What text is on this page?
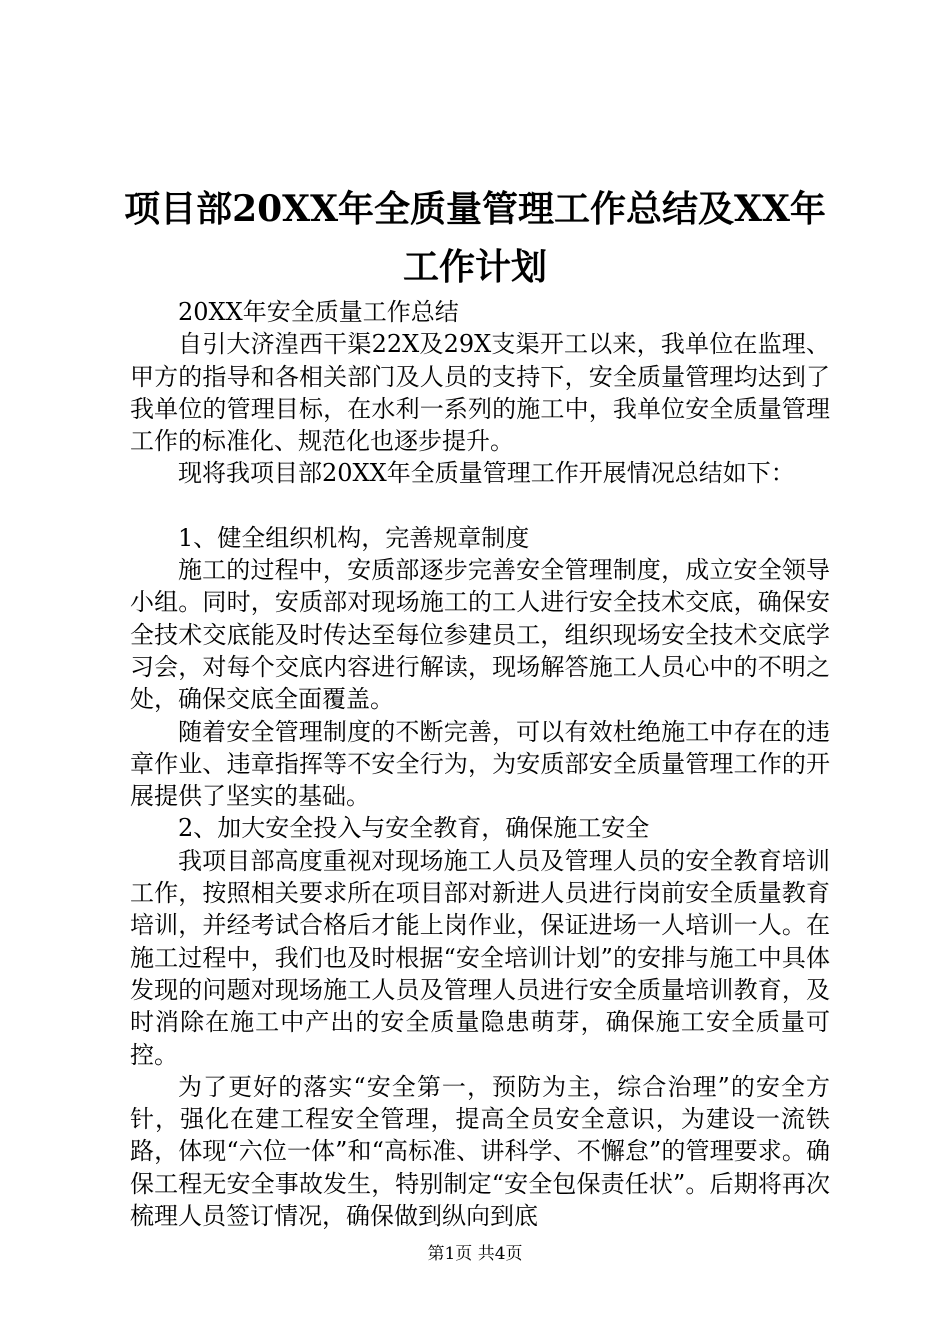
项目部20XX年全质量管理工作总结及XX年工作计划

20XX年安全质量工作总结

自引大济湟西干渠22X及29X支渠开工以来，我单位在监理、甲方的指导和各相关部门及人员的支持下，安全质量管理均达到了我单位的管理目标，在水利一系列的施工中，我单位安全质量管理工作的标准化、规范化也逐步提升。

现将我项目部20XX年全质量管理工作开展情况总结如下：

1、健全组织机构，完善规章制度

施工的过程中，安质部逐步完善安全管理制度，成立安全领导小组。同时，安质部对现场施工的工人进行安全技术交底，确保安全技术交底能及时传达至每位参建员工，组织现场安全技术交底学习会，对每个交底内容进行解读，现场解答施工人员心中的不明之处，确保交底全面覆盖。

随着安全管理制度的不断完善，可以有效杜绝施工中存在的违章作业、违章指挥等不安全行为，为安质部安全质量管理工作的开展提供了坚实的基础。

2、加大安全投入与安全教育，确保施工安全

我项目部高度重视对现场施工人员及管理人员的安全教育培训工作，按照相关要求所在项目部对新进人员进行岗前安全质量教育培训，并经考试合格后才能上岗作业，保证进场一人培训一人。在施工过程中，我们也及时根据“安全培训计划”的安排与施工中具体发现的问题对现场施工人员及管理人员进行安全质量培训教育，及时消除在施工中产出的安全质量隐患萌芽，确保施工安全质量可控。

为了更好的落实“安全第一，预防为主，综合治理”的安全方针，强化在建工程安全管理，提高全员安全意识，为建设一流铁路，体现“六位一体”和“高标准、讲科学、不懈怠”的管理要求。确保工程无安全事故发生，特别制定“安全包保责任状”。后期将再次梳理人员签订情况，确保做到纵向到底

第1页 共4页
